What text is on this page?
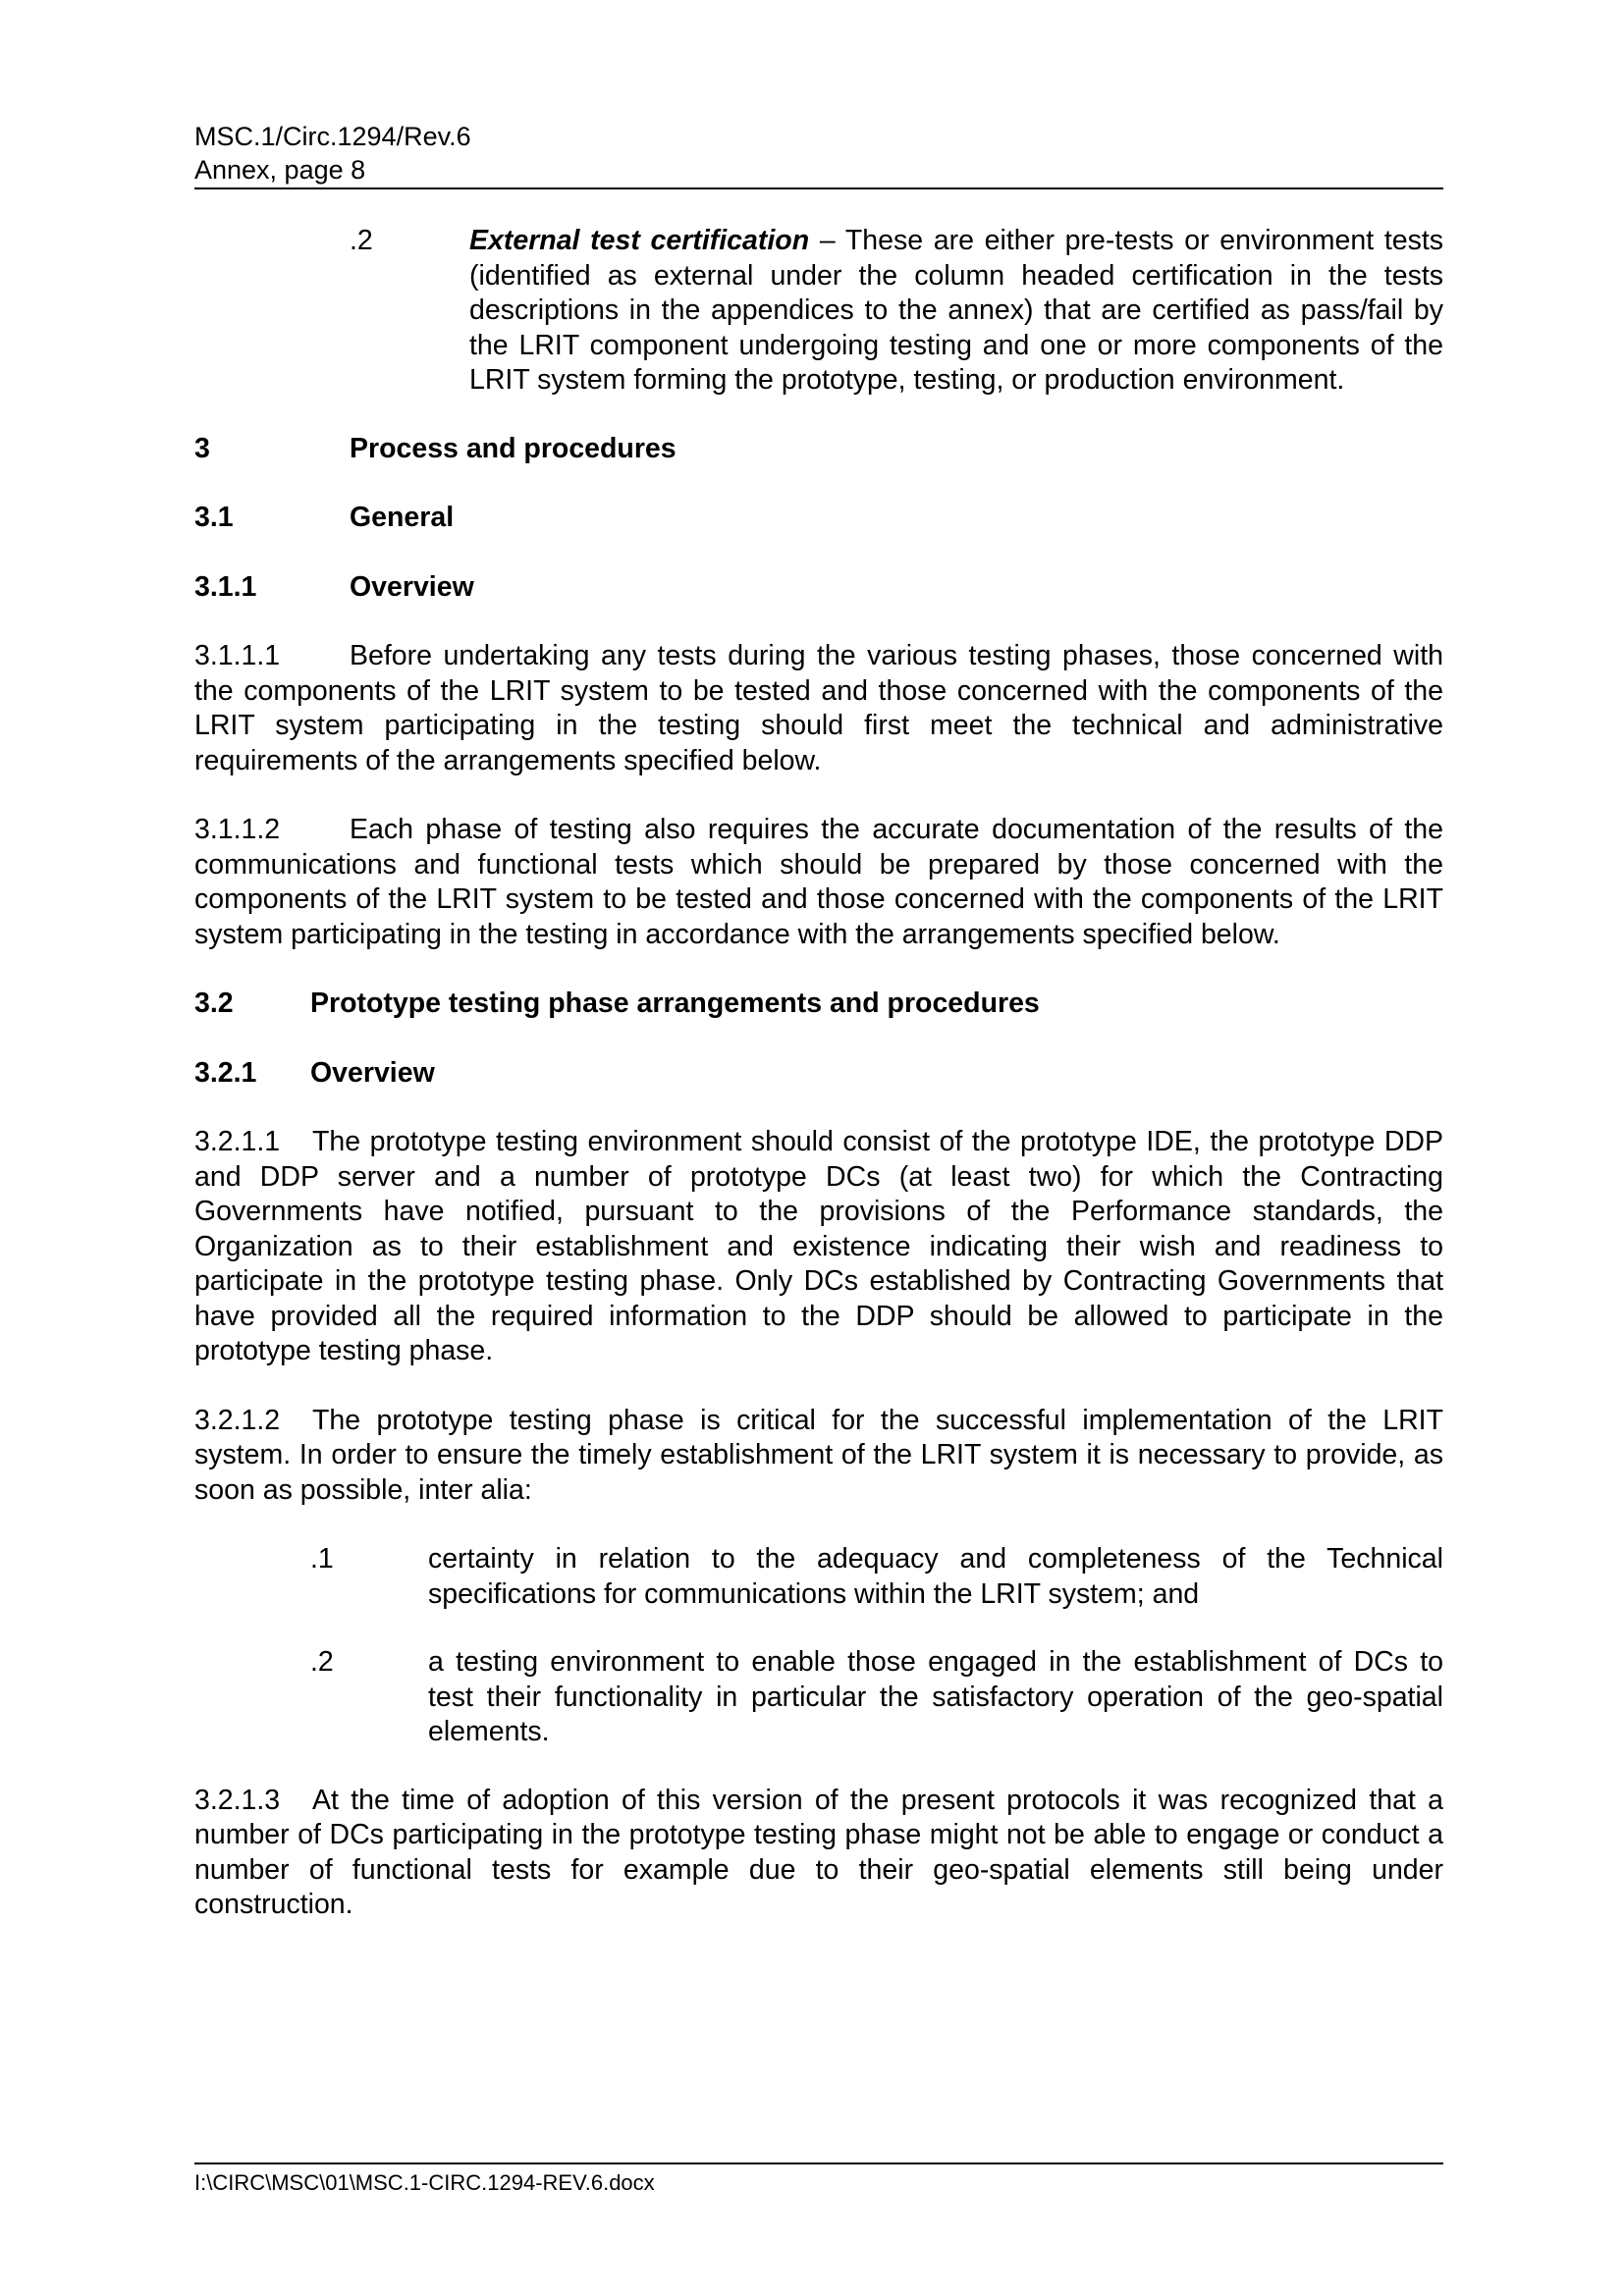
MSC.1/Circ.1294/Rev.6
Annex, page 8
.2	External test certification – These are either pre-tests or environment tests (identified as external under the column headed certification in the tests descriptions in the appendices to the annex) that are certified as pass/fail by the LRIT component undergoing testing and one or more components of the LRIT system forming the prototype, testing, or production environment.

3	Process and procedures
3.1	General
3.1.1	Overview

3.1.1.1 Before undertaking any tests during the various testing phases, those concerned with the components of the LRIT system to be tested and those concerned with the components of the LRIT system participating in the testing should first meet the technical and administrative requirements of the arrangements specified below.

3.1.1.2 Each phase of testing also requires the accurate documentation of the results of the communications and functional tests which should be prepared by those concerned with the components of the LRIT system to be tested and those concerned with the components of the LRIT system participating in the testing in accordance with the arrangements specified below.

3.2	Prototype testing phase arrangements and procedures
3.2.1	Overview

3.2.1.1 The prototype testing environment should consist of the prototype IDE, the prototype DDP and DDP server and a number of prototype DCs (at least two) for which the Contracting Governments have notified, pursuant to the provisions of the Performance standards, the Organization as to their establishment and existence indicating their wish and readiness to participate in the prototype testing phase. Only DCs established by Contracting Governments that have provided all the required information to the DDP should be allowed to participate in the prototype testing phase.

3.2.1.2 The prototype testing phase is critical for the successful implementation of the LRIT system. In order to ensure the timely establishment of the LRIT system it is necessary to provide, as soon as possible, inter alia:

.1	certainty in relation to the adequacy and completeness of the Technical specifications for communications within the LRIT system; and

.2	a testing environment to enable those engaged in the establishment of DCs to test their functionality in particular the satisfactory operation of the geo-spatial elements.

3.2.1.3 At the time of adoption of this version of the present protocols it was recognized that a number of DCs participating in the prototype testing phase might not be able to engage or conduct a number of functional tests for example due to their geo-spatial elements still being under construction.

I:\CIRC\MSC\01\MSC.1-CIRC.1294-REV.6.docx
